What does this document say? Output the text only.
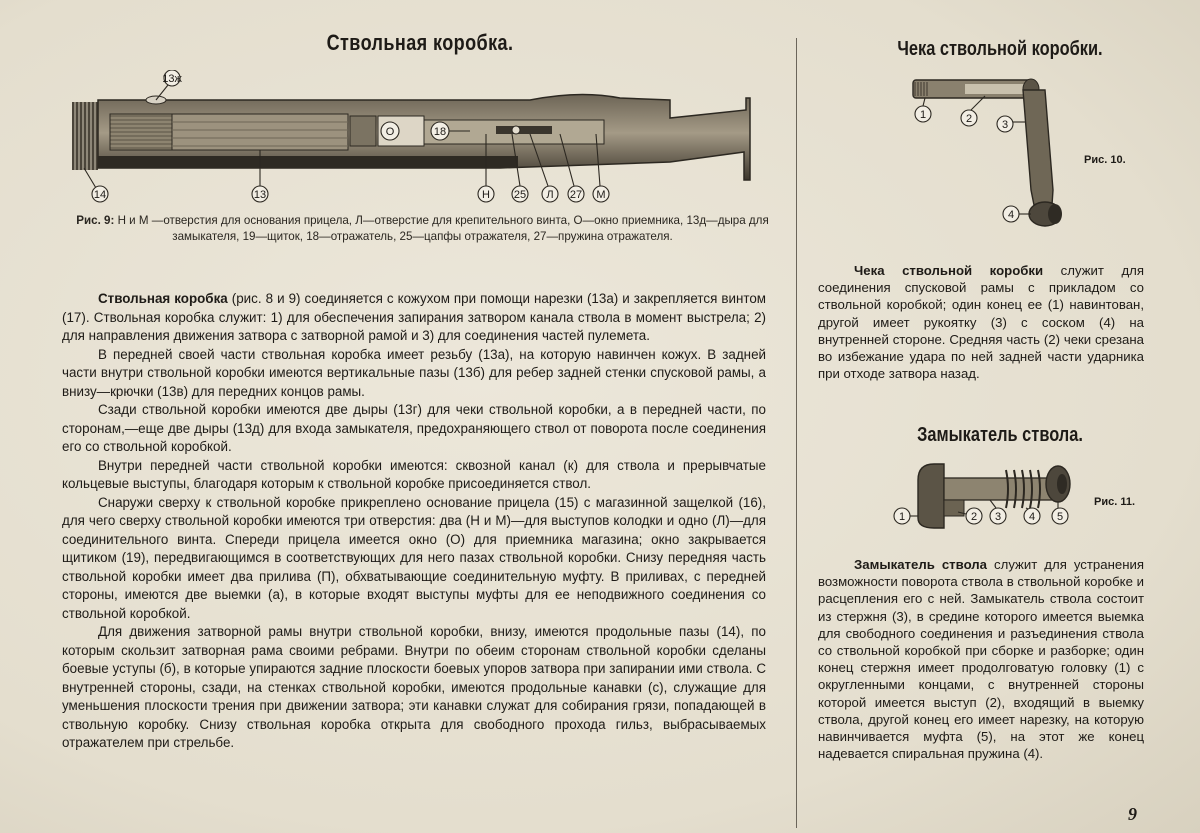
Ствольная коробка.
13ж
14	13
О	18
Н 25 Л 27 М
Рис. 9: Н и М —отверстия для основания прицела, Л—отверстие для крепительного винта, О—окно приемника, 13д—дыра для замыкателя, 19—щиток, 18—отражатель, 25—цапфы отражателя, 27—пружина отражателя.

Ствольная коробка (рис. 8 и 9) соединяется с кожухом при помощи нарезки (13а) и закрепляется винтом (17). Ствольная коробка служит: 1) для обеспечения запирания затвором канала ствола в момент выстрела; 2) для направления движения затвора с затворной рамой и 3) для соединения частей пулемета.

В передней своей части ствольная коробка имеет резьбу (13а), на которую навинчен кожух. В задней части внутри ствольной коробки имеются вертикальные пазы (13б) для ребер задней стенки спусковой рамы, а внизу—крючки (13в) для передних концов рамы.

Сзади ствольной коробки имеются две дыры (13г) для чеки ствольной коробки, а в передней части, по сторонам,—еще две дыры (13д) для входа замыкателя, предохраняющего ствол от поворота после соединения его со ствольной коробкой.

Внутри передней части ствольной коробки имеются: сквозной канал (к) для ствола и прерывчатые кольцевые выступы, благодаря которым к ствольной коробке присоединяется ствол.

Снаружи сверху к ствольной коробке прикреплено основание прицела (15) с магазинной защелкой (16), для чего сверху ствольной коробки имеются три отверстия: два (Н и М)—для выступов колодки и одно (Л)—для соединительного винта. Спереди прицела имеется окно (О) для приемника магазина; окно закрывается щитиком (19), передвигающимся в соответствующих для него пазах ствольной коробки. Снизу передняя часть ствольной коробки имеет два прилива (П), обхватывающие соединительную муфту. В приливах, с передней стороны, имеются две выемки (а), в которые входят выступы муфты для ее неподвижного соединения со ствольной коробкой.

Для движения затворной рамы внутри ствольной коробки, внизу, имеются продольные пазы (14), по которым скользит затворная рама своими ребрами. Внутри по обеим сторонам ствольной коробки сделаны боевые уступы (б), в которые упираются задние плоскости боевых упоров затвора при запирании ими ствола. С внутренней стороны, сзади, на стенках ствольной коробки, имеются продольные канавки (с), служащие для уменьшения плоскости трения при движении затвора; эти канавки служат для собирания грязи, попадающей в ствольную коробку. Снизу ствольная коробка открыта для свободного прохода гильз, выбрасываемых отражателем при стрельбе.

Чека ствольной коробки.
1	2	3
4
Рис. 10.

Чека ствольной коробки служит для соединения спусковой рамы с прикладом со ствольной коробкой; один конец ее (1) навинтован, другой имеет рукоятку (3) с соском (4) на внутренней стороне. Средняя часть (2) чеки срезана во избежание удара по ней задней части ударника при отходе затвора назад.

Замыкатель ствола.
1	2 3	4 5
Рис. 11.

Замыкатель ствола служит для устранения возможности поворота ствола в ствольной коробке и расцепления его с ней. Замыкатель ствола состоит из стержня (3), в средине которого имеется выемка для свободного соединения и разъединения ствола со ствольной коробкой при сборке и разборке; один конец стержня имеет продолговатую головку (1) с округленными концами, с внутренней стороны которой имеется выступ (2), входящий в выемку ствола, другой конец его имеет нарезку, на которую навинчивается муфта (5), на этот же конец надевается спиральная пружина (4).

9
